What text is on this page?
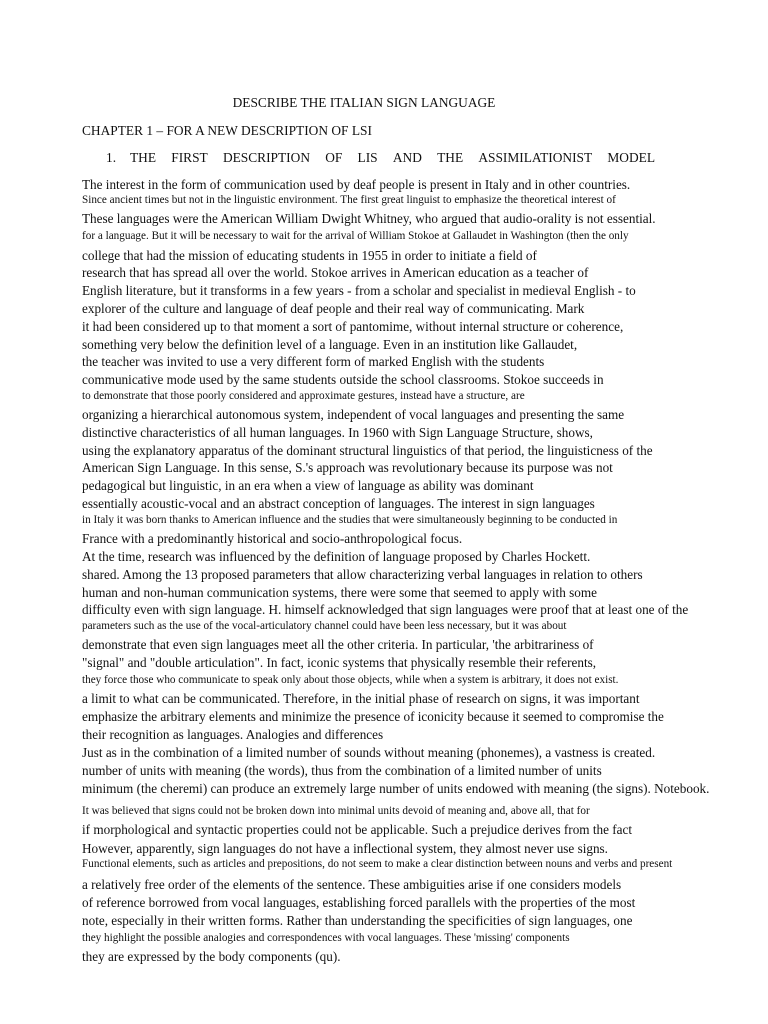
DESCRIBE THE ITALIAN SIGN LANGUAGE
CHAPTER 1 – FOR A NEW DESCRIPTION OF LSI
1.	THE FIRST DESCRIPTION OF LIS AND THE ASSIMILATIONIST MODEL
The interest in the form of communication used by deaf people is present in Italy and in other countries.
Since ancient times but not in the linguistic environment. The first great linguist to emphasize the theoretical interest of
These languages were the American William Dwight Whitney, who argued that audio-orality is not essential.
for a language. But it will be necessary to wait for the arrival of William Stokoe at Gallaudet in Washington (then the only
college that had the mission of educating students in 1955 in order to initiate a field of
research that has spread all over the world. Stokoe arrives in American education as a teacher of
English literature, but it transforms in a few years - from a scholar and specialist in medieval English - to
explorer of the culture and language of deaf people and their real way of communicating. Mark
it had been considered up to that moment a sort of pantomime, without internal structure or coherence,
something very below the definition level of a language. Even in an institution like Gallaudet,
the teacher was invited to use a very different form of marked English with the students
communicative mode used by the same students outside the school classrooms. Stokoe succeeds in
to demonstrate that those poorly considered and approximate gestures, instead have a structure, are
organizing a hierarchical autonomous system, independent of vocal languages and presenting the same
distinctive characteristics of all human languages. In 1960 with Sign Language Structure, shows,
using the explanatory apparatus of the dominant structural linguistics of that period, the linguisticness of the
American Sign Language. In this sense, S.'s approach was revolutionary because its purpose was not
pedagogical but linguistic, in an era when a view of language as ability was dominant
essentially acoustic-vocal and an abstract conception of languages. The interest in sign languages
in Italy it was born thanks to American influence and the studies that were simultaneously beginning to be conducted in
France with a predominantly historical and socio-anthropological focus.
At the time, research was influenced by the definition of language proposed by Charles Hockett.
shared. Among the 13 proposed parameters that allow characterizing verbal languages in relation to others
human and non-human communication systems, there were some that seemed to apply with some
difficulty even with sign language. H. himself acknowledged that sign languages were proof that at least one of the
parameters such as the use of the vocal-articulatory channel could have been less necessary, but it was about
demonstrate that even sign languages meet all the other criteria. In particular, 'the arbitrariness of
"signal" and "double articulation". In fact, iconic systems that physically resemble their referents,
they force those who communicate to speak only about those objects, while when a system is arbitrary, it does not exist.
a limit to what can be communicated. Therefore, in the initial phase of research on signs, it was important
emphasize the arbitrary elements and minimize the presence of iconicity because it seemed to compromise the
their recognition as languages. Analogies and differences
Just as in the combination of a limited number of sounds without meaning (phonemes), a vastness is created.
number of units with meaning (the words), thus from the combination of a limited number of units
minimum (the cheremi) can produce an extremely large number of units endowed with meaning (the signs). Notebook.
It was believed that signs could not be broken down into minimal units devoid of meaning and, above all, that for
if morphological and syntactic properties could not be applicable. Such a prejudice derives from the fact
However, apparently, sign languages do not have a inflectional system, they almost never use signs.
Functional elements, such as articles and prepositions, do not seem to make a clear distinction between nouns and verbs and present
a relatively free order of the elements of the sentence. These ambiguities arise if one considers models
of reference borrowed from vocal languages, establishing forced parallels with the properties of the most
note, especially in their written forms. Rather than understanding the specificities of sign languages, one
they highlight the possible analogies and correspondences with vocal languages. These 'missing' components
they are expressed by the body components (qu).
